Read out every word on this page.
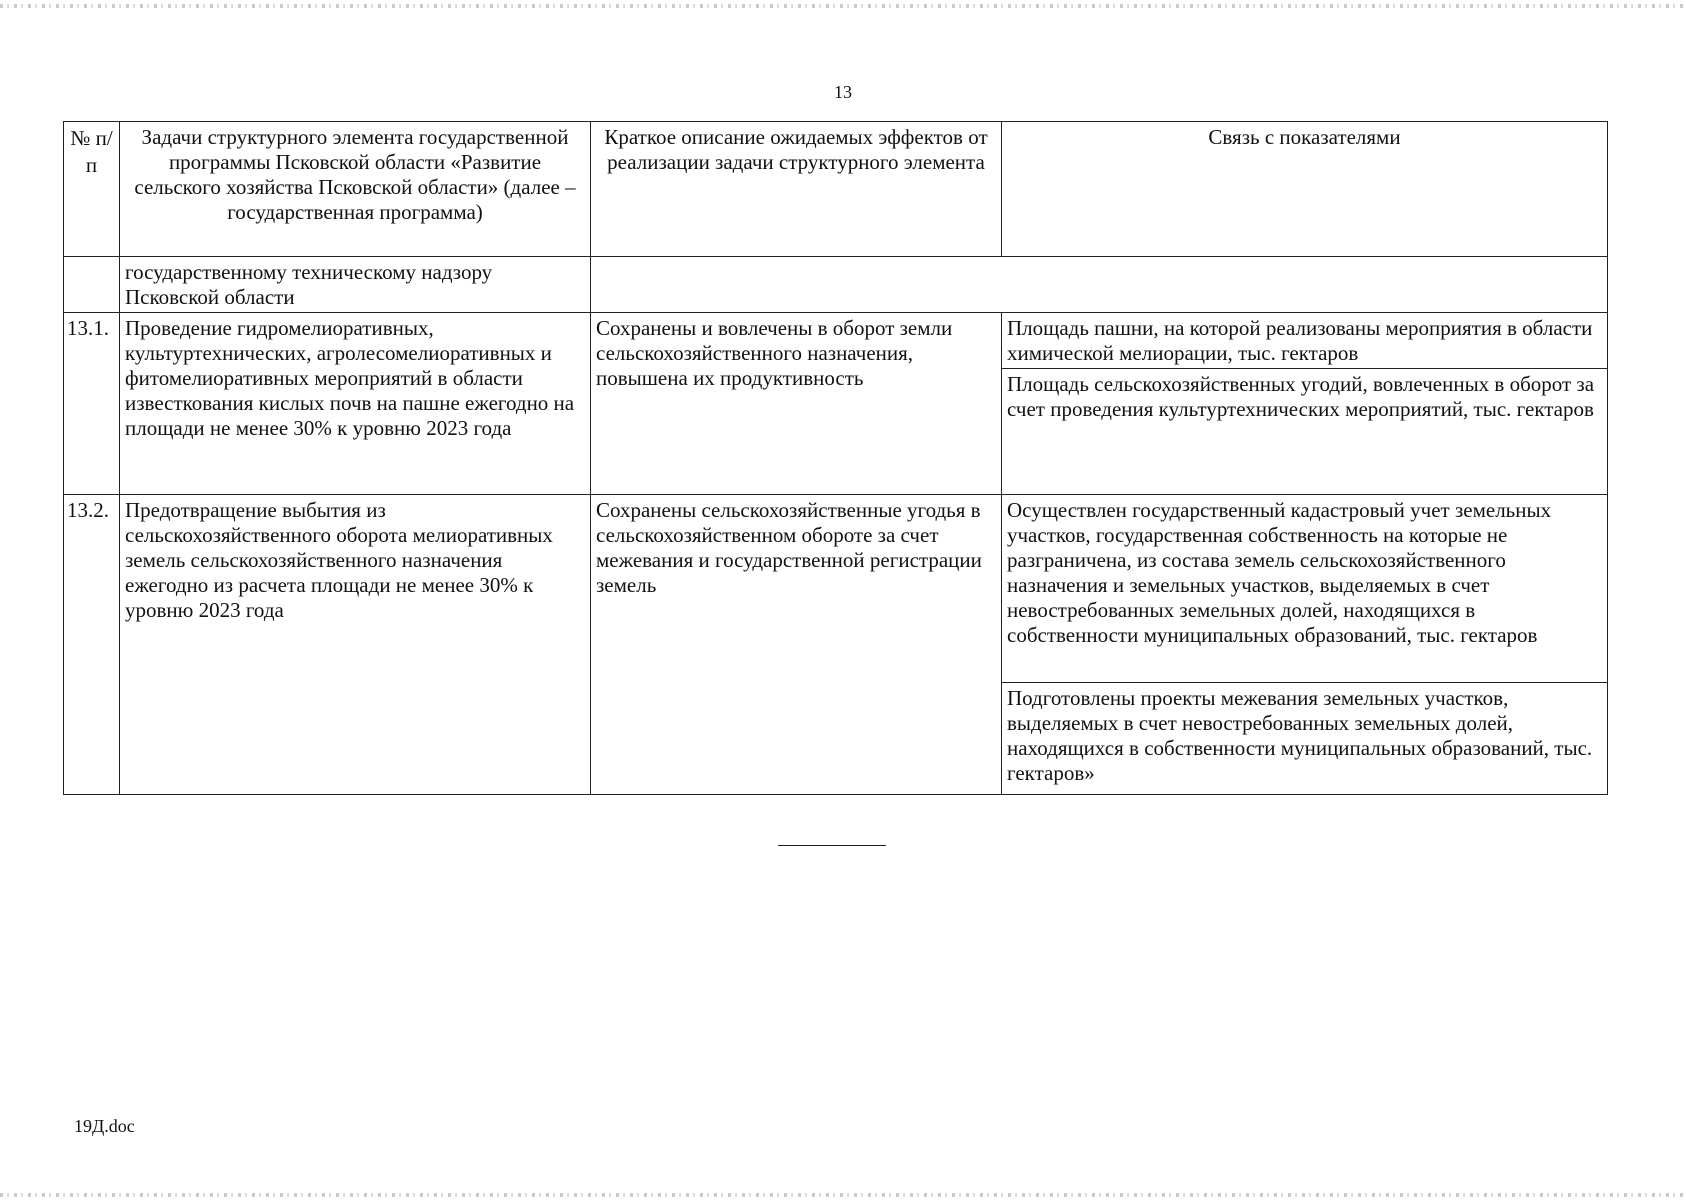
13
№ п/п	Задачи структурного элемента государственной программы Псковской области «Развитие сельского хозяйства Псковской области» (далее – государственная программа)	Краткое описание ожидаемых эффектов от реализации задачи структурного элемента	Связь с показателями
	государственному техническому надзору Псковской области		
13.1.	Проведение гидромелиоративных, культуртехнических, агролесомелиоративных и фитомелиоративных мероприятий в области известкования кислых почв на пашне ежегодно на площади не менее 30% к уровню 2023 года	Сохранены и вовлечены в оборот земли сельскохозяйственного назначения, повышена их продуктивность	Площадь пашни, на которой реализованы мероприятия в области химической мелиорации, тыс. гектаров
			Площадь сельскохозяйственных угодий, вовлеченных в оборот за счет проведения культуртехнических мероприятий, тыс. гектаров
13.2.	Предотвращение выбытия из сельскохозяйственного оборота мелиоративных земель сельскохозяйственного назначения ежегодно из расчета площади не менее 30% к уровню 2023 года	Сохранены сельскохозяйственные угодья в сельскохозяйственном обороте за счет межевания и государственной регистрации земель	Осуществлен государственный кадастровый учет земельных участков, государственная собственность на которые не разграничена, из состава земель сельскохозяйственного назначения и земельных участков, выделяемых в счет невостребованных земельных долей, находящихся в собственности муниципальных образований, тыс. гектаров
			Подготовлены проекты межевания земельных участков, выделяемых в счет невостребованных земельных долей, находящихся в собственности муниципальных образований, тыс. гектаров»
19Д.doc
